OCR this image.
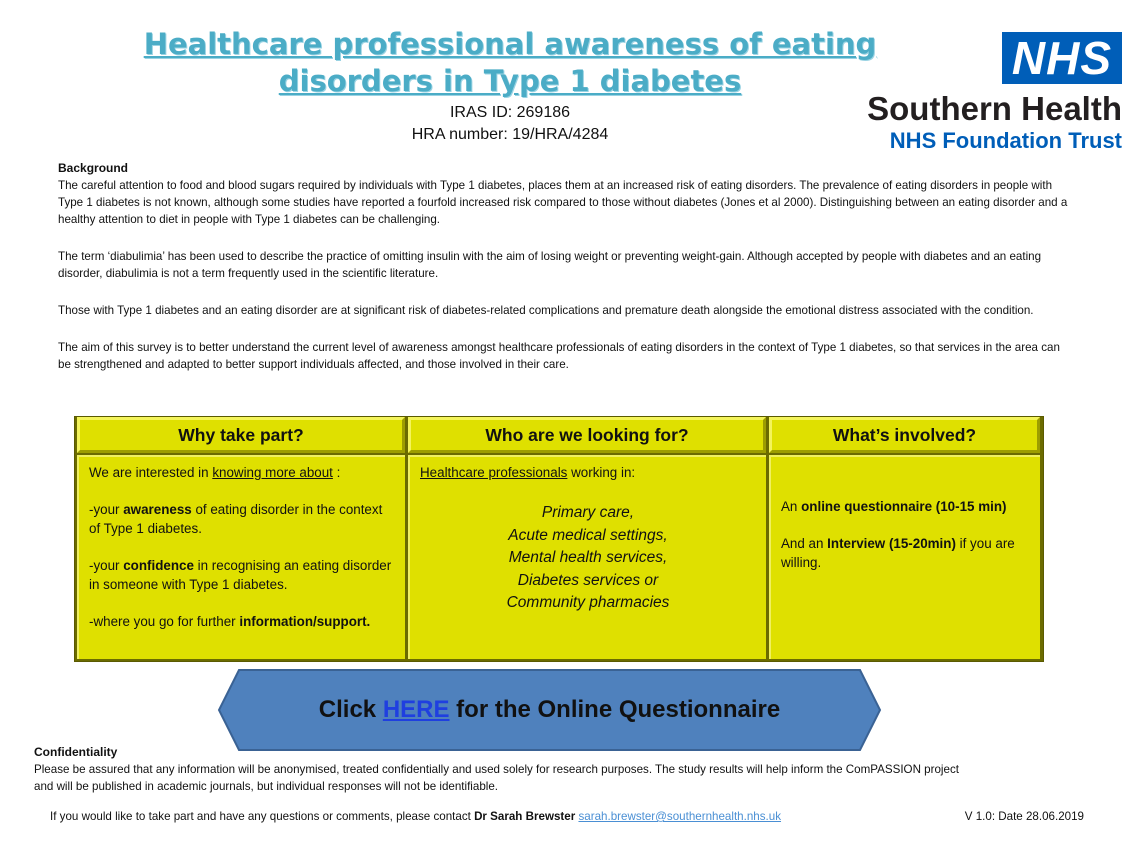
Healthcare professional awareness of eating
disorders in Type 1 diabetes
IRAS ID: 269186
HRA number: 19/HRA/4284
NHS
Southern Health
NHS Foundation Trust
Background

The careful attention to food and blood sugars required by individuals with Type 1 diabetes, places them at an increased risk of eating disorders. The prevalence of eating disorders in people with Type 1 diabetes is not known, although some studies have reported a fourfold increased risk compared to those without diabetes (Jones et al 2000). Distinguishing between an eating disorder and a healthy attention to diet in people with Type 1 diabetes can be challenging.

The term ‘diabulimia’ has been used to describe the practice of omitting insulin with the aim of losing weight or preventing weight-gain. Although accepted by people with diabetes and an eating disorder, diabulimia is not a term frequently used in the scientific literature.

Those with Type 1 diabetes and an eating disorder are at significant risk of diabetes-related complications and premature death alongside the emotional distress associated with the condition.

The aim of this survey is to better understand the current level of awareness amongst healthcare professionals of eating disorders in the context of Type 1 diabetes, so that services in the area can be strengthened and adapted to better support individuals affected, and those involved in their care.

Why take part?

We are interested in knowing more about :

-your awareness of eating disorder in the context of Type 1 diabetes.

-your confidence in recognising an eating disorder in someone with Type 1 diabetes.

-where you go for further information/support.

Who are we looking for?
Healthcare professionals working in:
Primary care,
Acute medical settings,
Mental health services,
Diabetes services or
Community pharmacies
What’s involved?

An online questionnaire (10-15 min)

And an Interview (15-20min) if you are willing.

Click HERE for the Online Questionnaire
Confidentiality

Please be assured that any information will be anonymised, treated confidentially and used solely for research purposes. The study results will help inform the ComPASSION project and will be published in academic journals, but individual responses will not be identifiable.

If you would like to take part and have any questions or comments, please contact Dr Sarah Brewster sarah.brewster@southernhealth.nhs.uk	V 1.0: Date 28.06.2019
